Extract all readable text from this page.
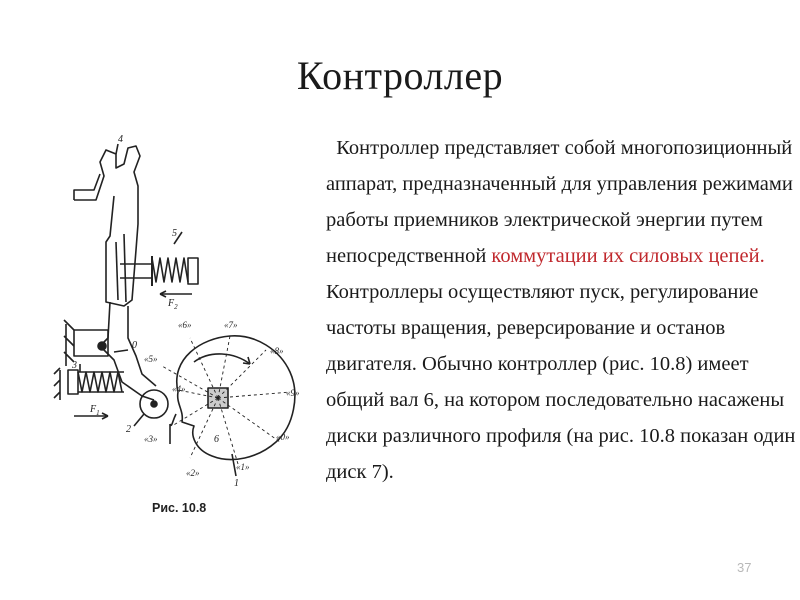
Контроллер
4
5
0
3
2
6
1
$F_2$
$F_1$
«6»	«7»
«8»
«9»
«0»
«1»
«2»
«3»
«4»
«5»
Рис. 10.8
Контроллер представляет собой многопозиционный аппарат, предназначенный для управления режимами работы приемников электрической энергии путем непосредственной коммутации их силовых цепей. Контроллеры осуществляют пуск, регулирование частоты вращения, реверсирование и останов двигателя. Обычно контроллер (рис. 10.8) имеет общий вал 6, на котором последовательно насажены диски различного профиля (на рис. 10.8 показан один диск 7).
37
